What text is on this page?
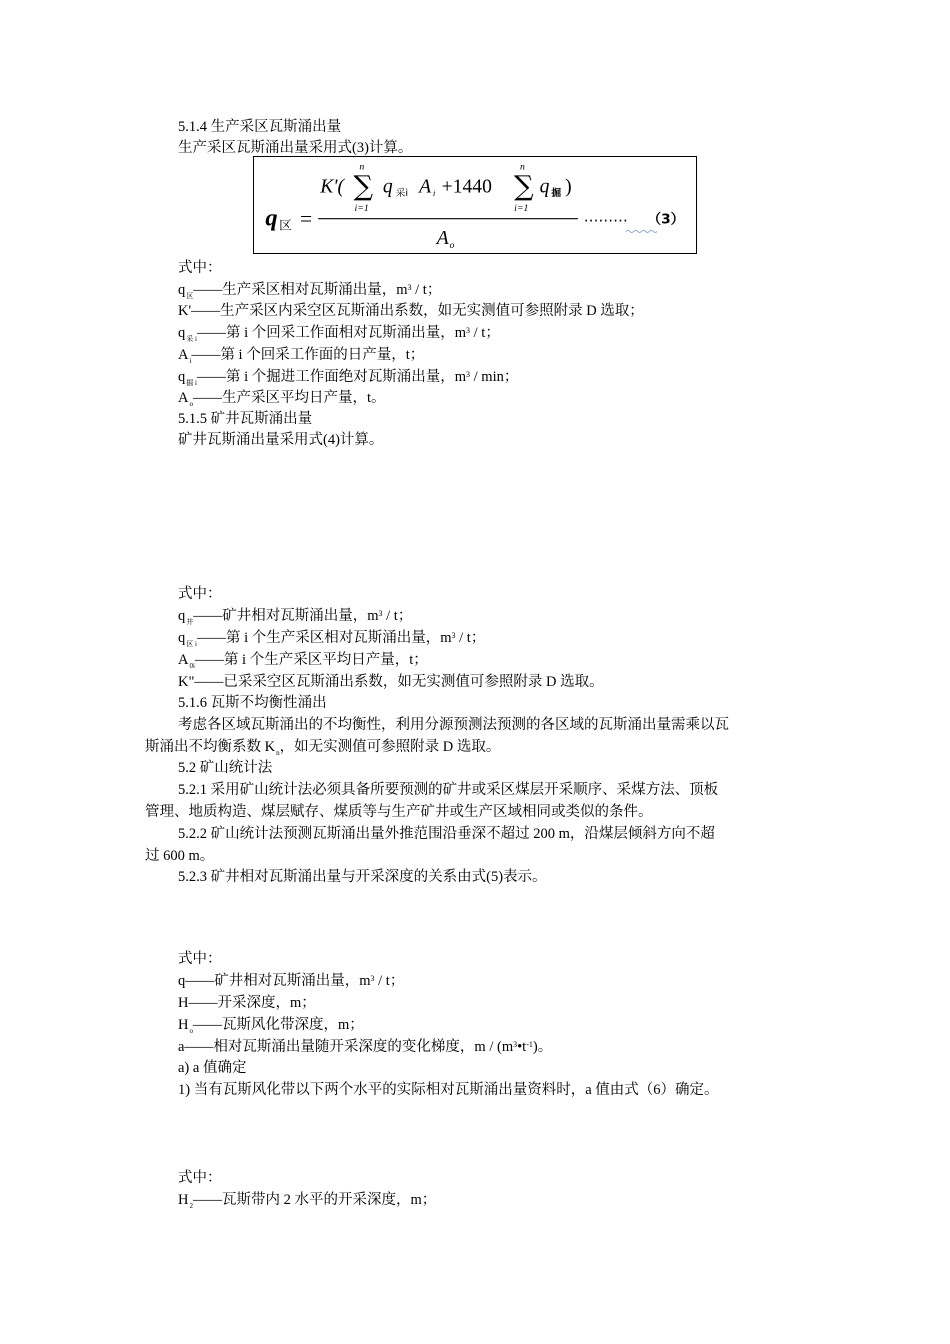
5.1.4 生产采区瓦斯涌出量
生产采区瓦斯涌出量采用式(3)计算。
q 区 =
K'(
n
∑
i=1
q 采i A i +1440
n
∑
i=1
q 掘 )
A o
……… （3）
式中：
$q_区——$生产采区相对瓦斯涌出量，$m^3$ / t；
K'——生产采区内采空区瓦斯涌出系数，如无实测值可参照附录 D 选取；
$q_{采 i}——$第 i 个回采工作面相对瓦斯涌出量，$m^3$ / t；
$A_i——$第 i 个回采工作面的日产量，t；
$q_{掘 i}——$第 i 个掘进工作面绝对瓦斯涌出量，$m^3$ / min；
$A_o——$生产采区平均日产量，t。
5.1.5 矿井瓦斯涌出量
矿井瓦斯涌出量采用式(4)计算。
式中：
$q_井——$矿井相对瓦斯涌出量，$m^3$ / t；
$q_{区 i}——$第 i 个生产采区相对瓦斯涌出量，$m^3$ / t；
$A_{0i}——$第 i 个生产采区平均日产量，t；
K"——已采采空区瓦斯涌出系数，如无实测值可参照附录 D 选取。
5.1.6 瓦斯不均衡性涌出
考虑各区域瓦斯涌出的不均衡性，利用分源预测法预测的各区域的瓦斯涌出量需乘以瓦
斯涌出不均衡系数 $K_n$，如无实测值可参照附录 D 选取。
5.2 矿山统计法
5.2.1 采用矿山统计法必须具备所要预测的矿井或采区煤层开采顺序、采煤方法、顶板
管理、地质构造、煤层赋存、煤质等与生产矿井或生产区域相同或类似的条件。
5.2.2 矿山统计法预测瓦斯涌出量外推范围沿垂深不超过 200 m，沿煤层倾斜方向不超
过 600 m。
5.2.3 矿井相对瓦斯涌出量与开采深度的关系由式(5)表示。
式中：
q——矿井相对瓦斯涌出量，$m^3$ / t；
H——开采深度，m；
$H_o——$瓦斯风化带深度，m；
a——相对瓦斯涌出量随开采深度的变化梯度，m / $(m^3•t^{-1})$。
a) a 值确定
1) 当有瓦斯风化带以下两个水平的实际相对瓦斯涌出量资料时，a 值由式（6）确定。
式中：
$H_2——$瓦斯带内 2 水平的开采深度，m；
